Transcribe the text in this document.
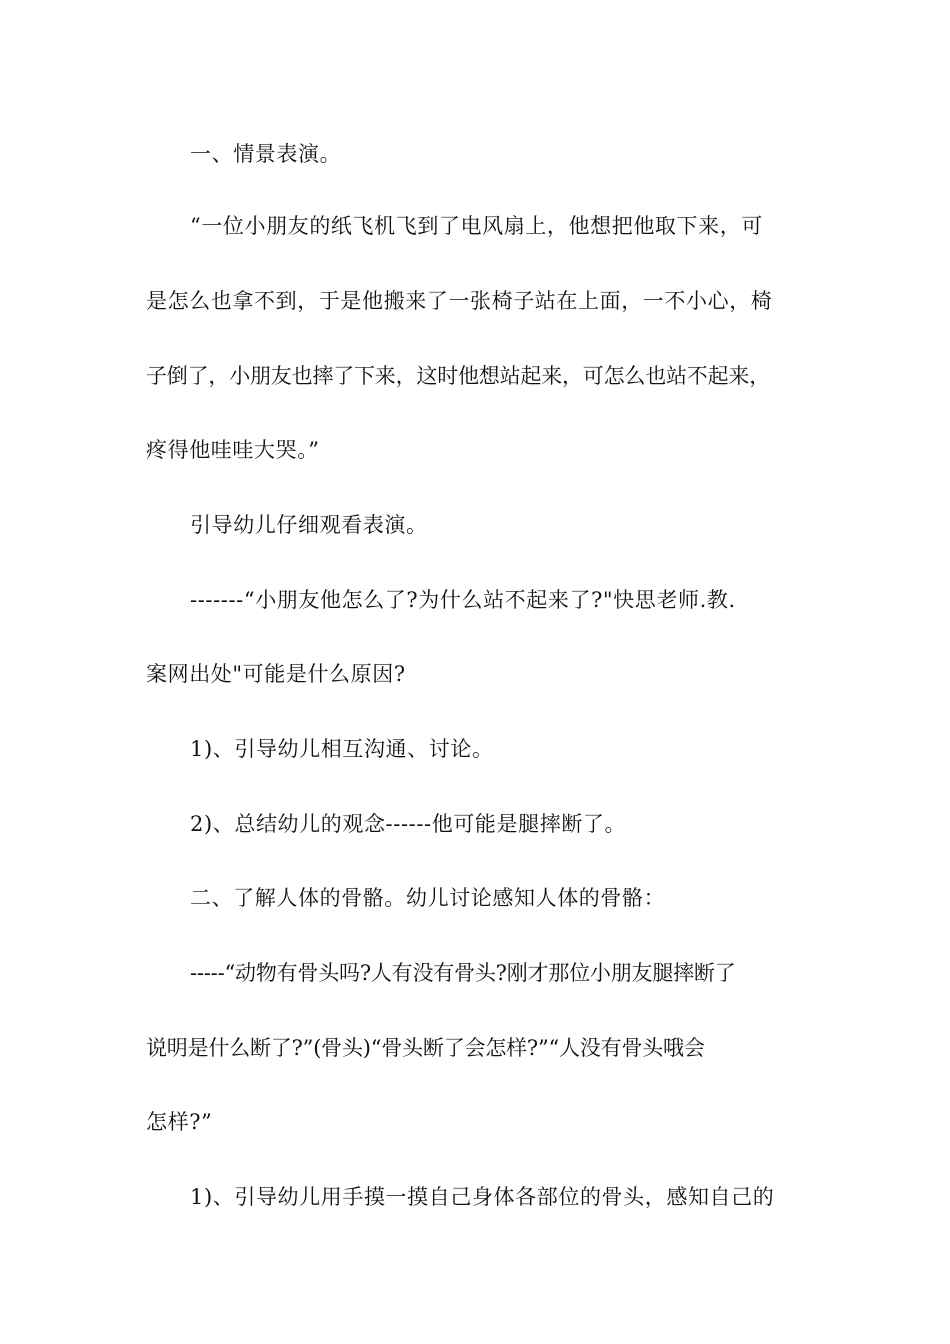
一、情景表演。
“一位小朋友的纸飞机飞到了电风扇上，他想把他取下来，可
是怎么也拿不到，于是他搬来了一张椅子站在上面，一不小心，椅
子倒了，小朋友也摔了下来，这时他想站起来，可怎么也站不起来，
疼得他哇哇大哭。”
引导幼儿仔细观看表演。
-------“小朋友他怎么了?为什么站不起来了?"快思老师.教.
案网出处"可能是什么原因?
1)、引导幼儿相互沟通、讨论。
2)、总结幼儿的观念------他可能是腿摔断了。
二、了解人体的骨骼。幼儿讨论感知人体的骨骼：
-----“动物有骨头吗?人有没有骨头?刚才那位小朋友腿摔断了
说明是什么断了?”(骨头)“骨头断了会怎样?”“人没有骨头哦会
怎样?”
1)、引导幼儿用手摸一摸自己身体各部位的骨头，感知自己的
